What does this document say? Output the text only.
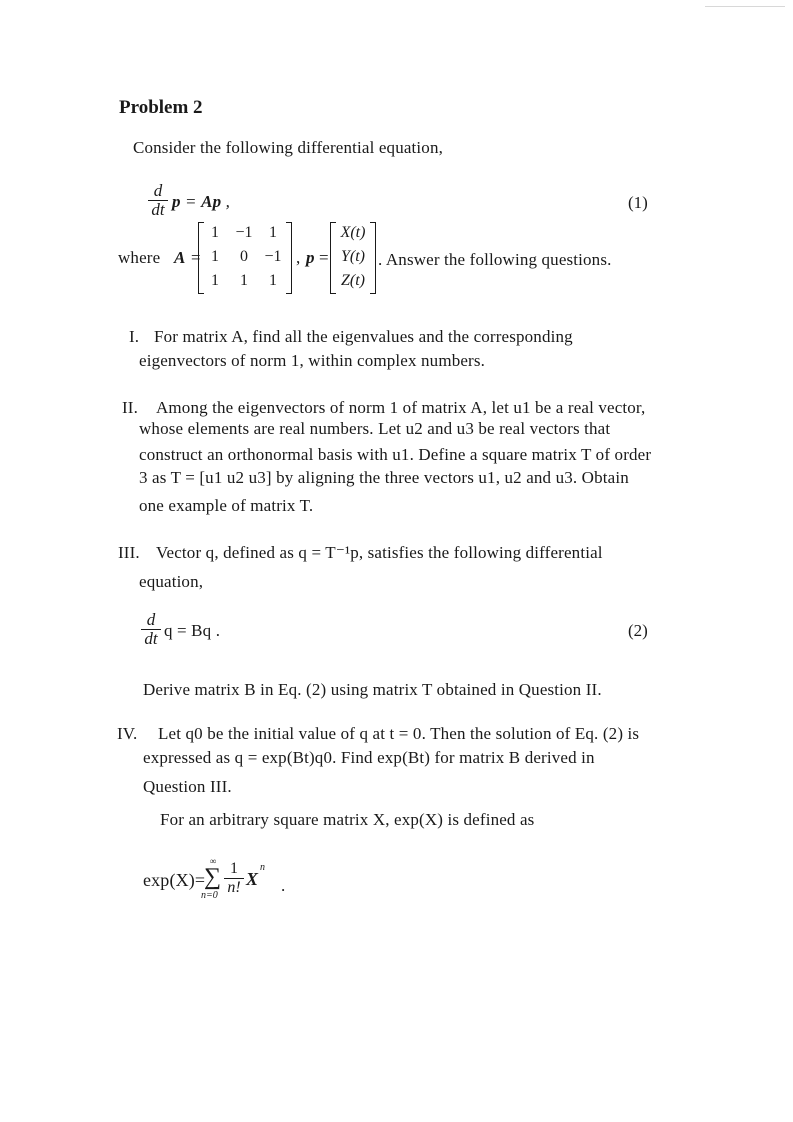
Problem 2
Consider the following differential equation,
d
dt p = Ap ,	(1)
where A =
1	−1	1
1	0	−1
1	1	1
, p =
X(t)
Y(t)
Z(t)
. Answer the following questions.
I. For matrix A, find all the eigenvalues and the corresponding
eigenvectors of norm 1, within complex numbers.
II. Among the eigenvectors of norm 1 of matrix A, let u1 be a real vector,
whose elements are real numbers. Let u2 and u3 be real vectors that
construct an orthonormal basis with u1. Define a square matrix T of order
3 as T = [u1 u2 u3] by aligning the three vectors u1, u2 and u3. Obtain
one example of matrix T.
III. Vector q, defined as q = T⁻¹p, satisfies the following differential
equation,
d
dt q = Bq .	(2)
Derive matrix B in Eq. (2) using matrix T obtained in Question II.
IV. Let q0 be the initial value of q at t = 0. Then the solution of Eq. (2) is
expressed as q = exp(Bt)q0. Find exp(Bt) for matrix B derived in
Question III.
For an arbitrary square matrix X, exp(X) is defined as
exp(X)=
∞
∑
n=0
1
n! X
n
.
